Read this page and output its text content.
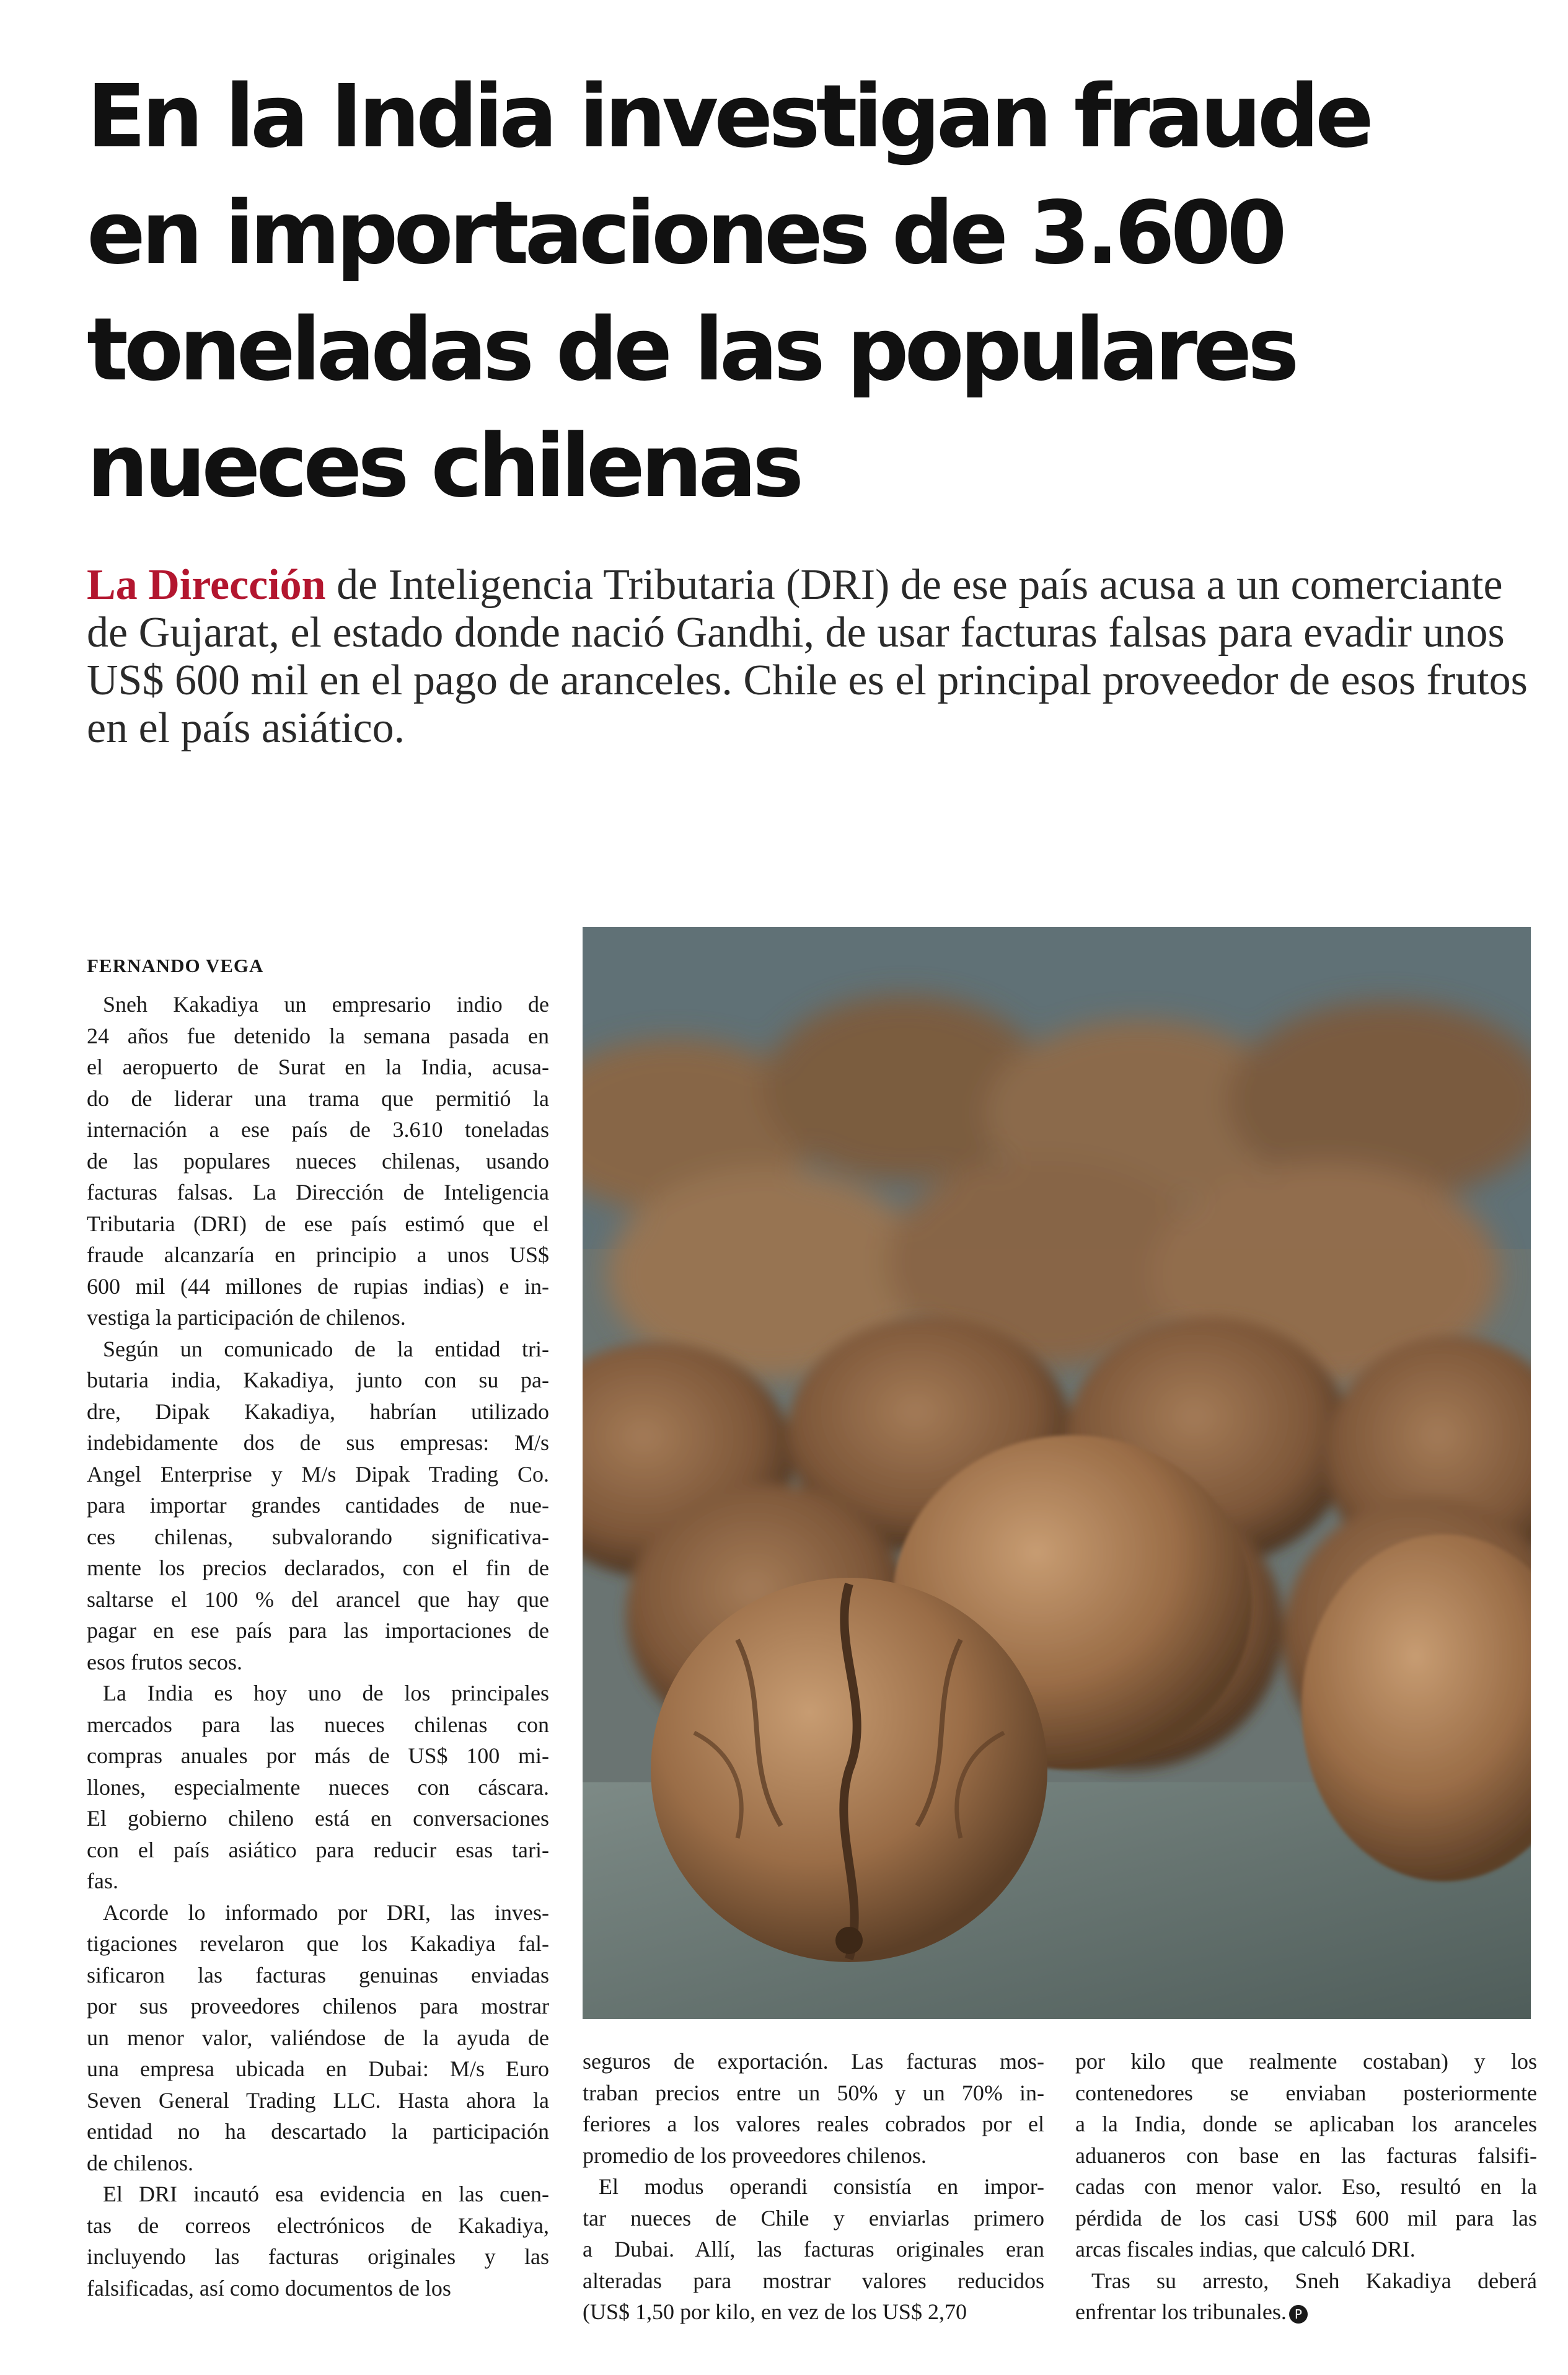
En la India investigan fraude
en importaciones de 3.600
toneladas de las populares
nueces chilenas

La Dirección de Inteligencia Tributaria (DRI) de ese país acusa a un comerciante
de Gujarat, el estado donde nació Gandhi, de usar facturas falsas para evadir unos
US$ 600 mil en el pago de aranceles. Chile es el principal proveedor de esos frutos
en el país asiático.

FERNANDO VEGA
Sneh Kakadiya un empresario indio de
24 años fue detenido la semana pasada en
el aeropuerto de Surat en la India, acusa-
do de liderar una trama que permitió la
internación a ese país de 3.610 toneladas
de las populares nueces chilenas, usando
facturas falsas. La Dirección de Inteligencia
Tributaria (DRI) de ese país estimó que el
fraude alcanzaría en principio a unos US$
600 mil (44 millones de rupias indias) e in-
vestiga la participación de chilenos.
Según un comunicado de la entidad tri-
butaria india, Kakadiya, junto con su pa-
dre, Dipak Kakadiya, habrían utilizado
indebidamente dos de sus empresas: M/s
Angel Enterprise y M/s Dipak Trading Co.
para importar grandes cantidades de nue-
ces chilenas, subvalorando significativa-
mente los precios declarados, con el fin de
saltarse el 100 % del arancel que hay que
pagar en ese país para las importaciones de
esos frutos secos.
La India es hoy uno de los principales
mercados para las nueces chilenas con
compras anuales por más de US$ 100 mi-
llones, especialmente nueces con cáscara.
El gobierno chileno está en conversaciones
con el país asiático para reducir esas tari-
fas.
Acorde lo informado por DRI, las inves-
tigaciones revelaron que los Kakadiya fal-
sificaron las facturas genuinas enviadas
por sus proveedores chilenos para mostrar
un menor valor, valiéndose de la ayuda de
una empresa ubicada en Dubai: M/s Euro
Seven General Trading LLC. Hasta ahora la
entidad no ha descartado la participación
de chilenos.
El DRI incautó esa evidencia en las cuen-
tas de correos electrónicos de Kakadiya,
incluyendo las facturas originales y las
falsificadas, así como documentos de los
seguros de exportación. Las facturas mos-
traban precios entre un 50% y un 70% in-
feriores a los valores reales cobrados por el
promedio de los proveedores chilenos.
El modus operandi consistía en impor-
tar nueces de Chile y enviarlas primero
a Dubai. Allí, las facturas originales eran
alteradas para mostrar valores reducidos
(US$ 1,50 por kilo, en vez de los US$ 2,70
por kilo que realmente costaban) y los
contenedores se enviaban posteriormente
a la India, donde se aplicaban los aranceles
aduaneros con base en las facturas falsifi-
cadas con menor valor. Eso, resultó en la
pérdida de los casi US$ 600 mil para las
arcas fiscales indias, que calculó DRI.
Tras su arresto, Sneh Kakadiya deberá
enfrentar los tribunales. P
